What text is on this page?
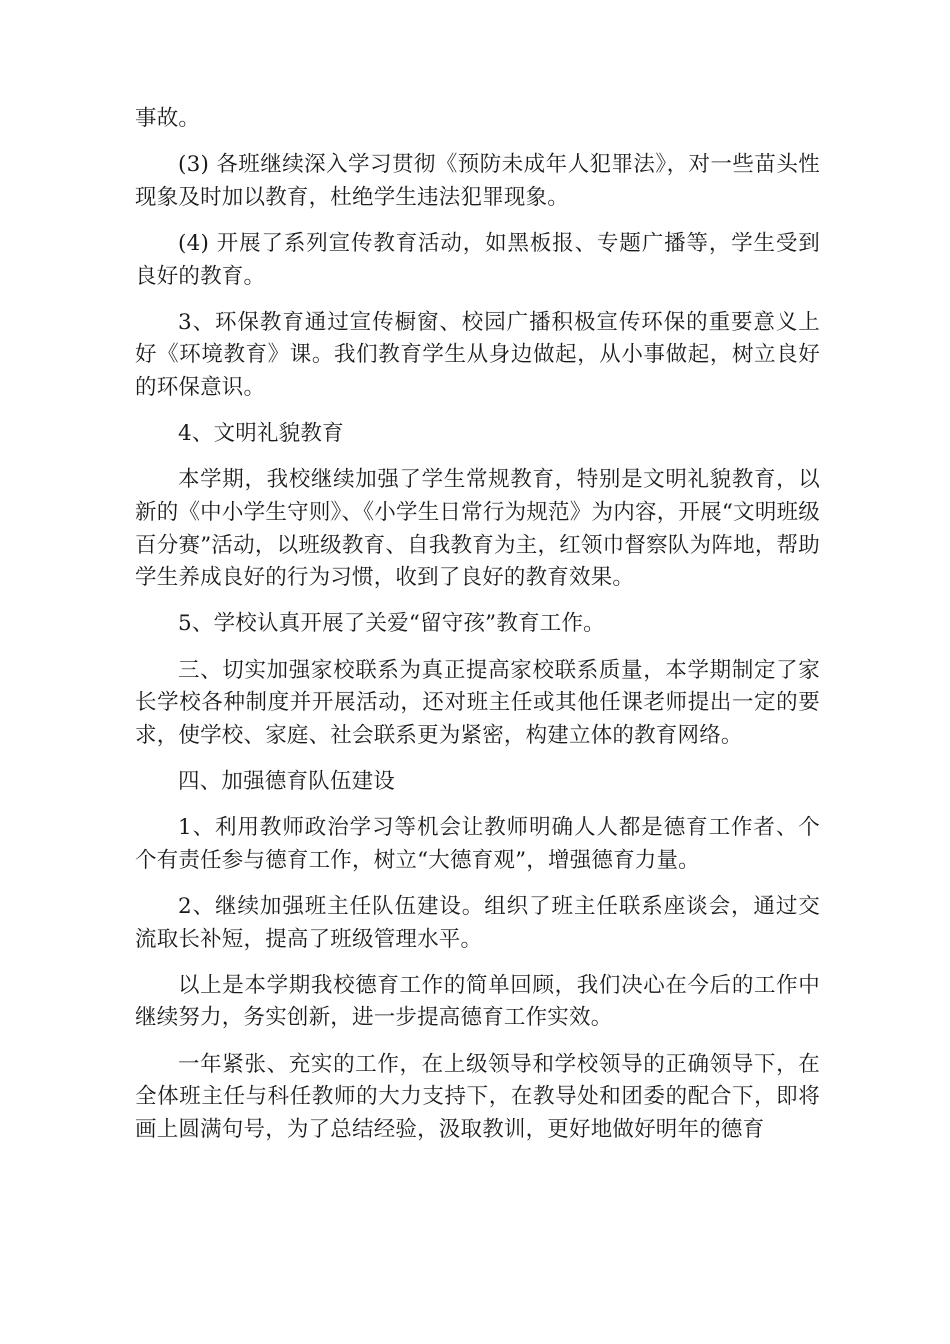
事故。

(3) 各班继续深入学习贯彻《预防未成年人犯罪法》，对一些苗头性现象及时加以教育，杜绝学生违法犯罪现象。

(4) 开展了系列宣传教育活动，如黑板报、专题广播等，学生受到良好的教育。

3、环保教育通过宣传橱窗、校园广播积极宣传环保的重要意义上好《环境教育》课。我们教育学生从身边做起，从小事做起，树立良好的环保意识。

4、文明礼貌教育

本学期，我校继续加强了学生常规教育，特别是文明礼貌教育，以新的《中小学生守则》、《小学生日常行为规范》为内容，开展“文明班级百分赛”活动，以班级教育、自我教育为主，红领巾督察队为阵地，帮助学生养成良好的行为习惯，收到了良好的教育效果。

5、学校认真开展了关爱“留守孩”教育工作。

三、切实加强家校联系为真正提高家校联系质量，本学期制定了家长学校各种制度并开展活动，还对班主任或其他任课老师提出一定的要求，使学校、家庭、社会联系更为紧密，构建立体的教育网络。

四、加强德育队伍建设

1、利用教师政治学习等机会让教师明确人人都是德育工作者、个个有责任参与德育工作，树立“大德育观”，增强德育力量。

2、继续加强班主任队伍建设。组织了班主任联系座谈会，通过交流取长补短，提高了班级管理水平。

以上是本学期我校德育工作的简单回顾，我们决心在今后的工作中继续努力，务实创新，进一步提高德育工作实效。

一年紧张、充实的工作，在上级领导和学校领导的正确领导下，在全体班主任与科任教师的大力支持下，在教导处和团委的配合下，即将画上圆满句号，为了总结经验，汲取教训，更好地做好明年的德育
